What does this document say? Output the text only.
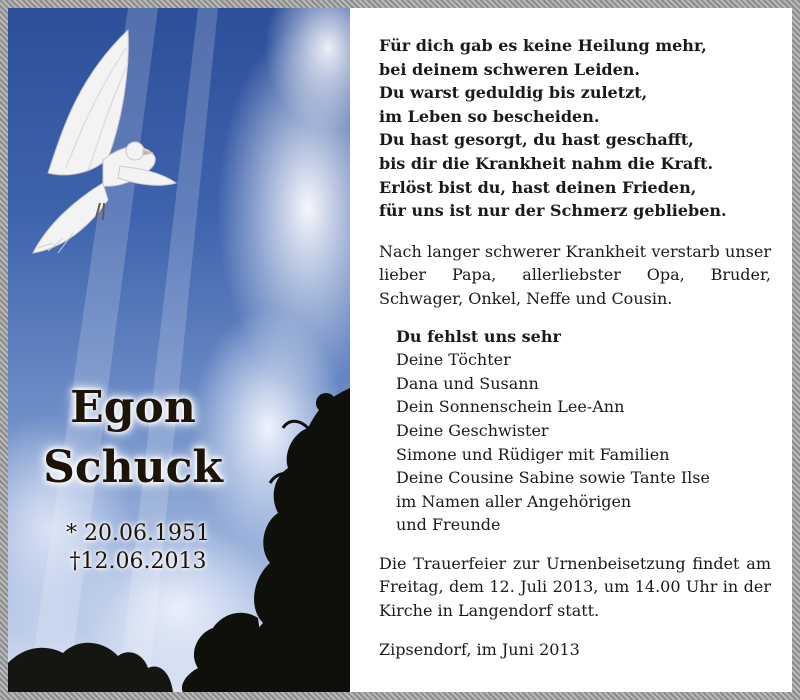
Egon
Schuck
* 20.06.1951
†12.06.2013
Für dich gab es keine Heilung mehr,
bei deinem schweren Leiden.
Du warst geduldig bis zuletzt,
im Leben so bescheiden.
Du hast gesorgt, du hast geschafft,
bis dir die Krankheit nahm die Kraft.
Erlöst bist du, hast deinen Frieden,
für uns ist nur der Schmerz geblieben.
Nach langer schwerer Krankheit verstarb unser lieber Papa, allerliebster Opa, Bruder, Schwager, Onkel, Neffe und Cousin.
Du fehlst uns sehr
Deine Töchter
Dana und Susann
Dein Sonnenschein Lee-Ann
Deine Geschwister
Simone und Rüdiger mit Familien
Deine Cousine Sabine sowie Tante Ilse
im Namen aller Angehörigen
und Freunde
Die Trauerfeier zur Urnenbeisetzung findet am Freitag, dem 12. Juli 2013, um 14.00 Uhr in der Kirche in Langendorf statt.
Zipsendorf, im Juni 2013
